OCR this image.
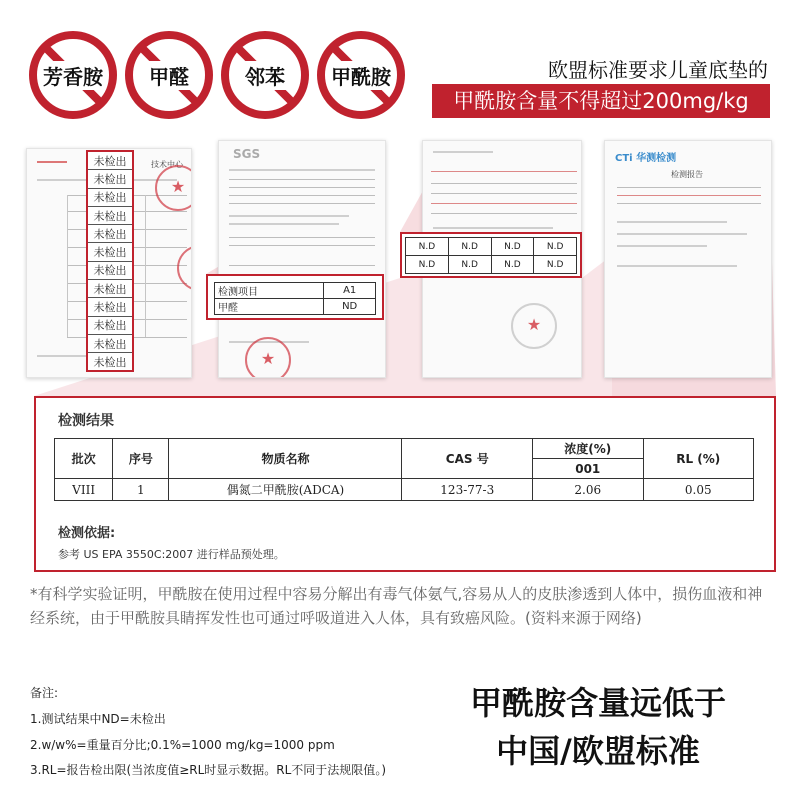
芳香胺 甲醛	邻苯 甲酰胺	欧盟标准要求儿童底垫的
甲酰胺含量不得超过200mg/kg
技术中心
★
★
未检出
未检出
未检出
未检出
未检出
未检出
未检出
未检出
未检出
未检出
未检出
未检出
SGS
★
检测项目	A1
甲醛	ND
★
N.D	N.D	N.D	N.D
N.D	N.D	N.D	N.D
CTi 华测检测
检测报告
检测结果
批次	序号	物质名称	CAS 号	浓度(%)	RL (%)
				001	
VIII	1	偶氮二甲酰胺(ADCA)	123-77-3	2.06	0.05
检测依据:
参考 US EPA 3550C:2007 进行样品预处理。
*有科学实验证明，甲酰胺在使用过程中容易分解出有毒气体氨气,容易从人的皮肤渗透到人体中，损伤血液和神经系统，由于甲酰胺具睛挥发性也可通过呼吸道进入人体，具有致癌风险。(资料来源于网络)
备注:
1.测试结果中ND=未检出
2.w/w%=重量百分比;0.1%=1000 mg/kg=1000 ppm
3.RL=报告检出限(当浓度值≥RL时显示数据。RL不同于法规限值。)
甲酰胺含量远低于
中国/欧盟标准
